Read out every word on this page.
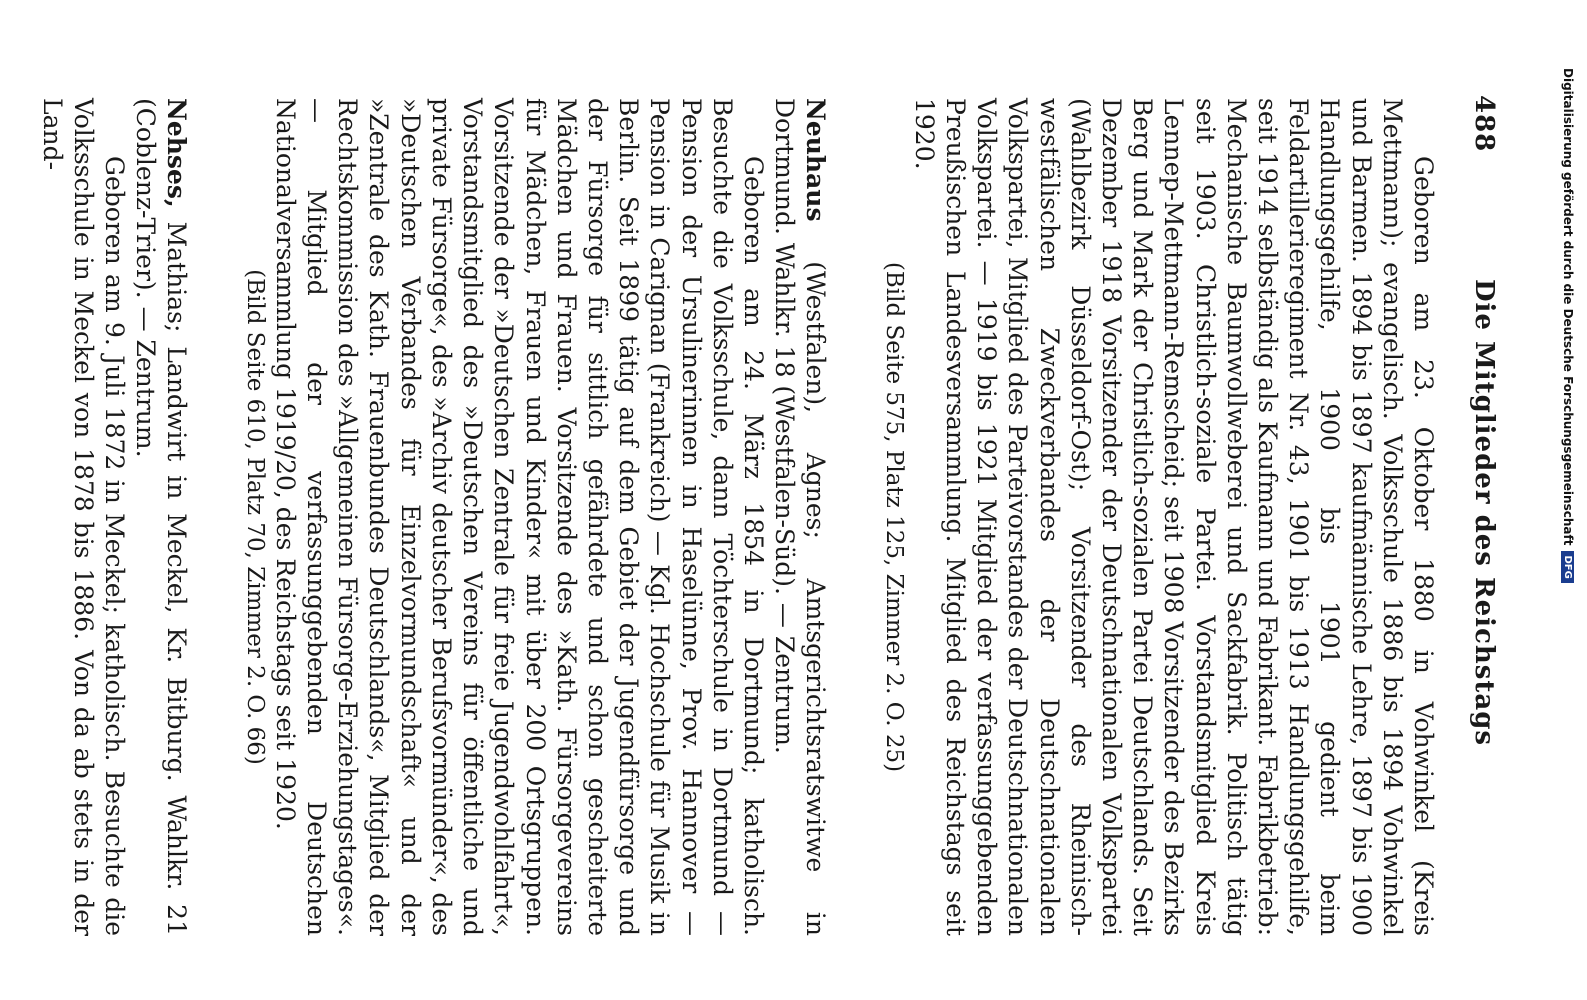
Digitalisierung gefördert durch die Deutsche ForschungsgemeinschaftDFG
488
Die Mitglieder des Reichstags

Geboren am 23. Oktober 1880 in Vohwinkel (Kreis Mettmann); evangelisch. Volksschule 1886 bis 1894 Vohwinkel und Barmen. 1894 bis 1897 kaufmännische Lehre, 1897 bis 1900 Handlungsgehilfe, 1900 bis 1901 gedient beim Feldartillerieregiment Nr. 43, 1901 bis 1913 Handlungsgehilfe, seit 1914 selbständig als Kaufmann und Fabrikant. Fabrikbetrieb: Mechanische Baumwollweberei und Sackfabrik. Politisch tätig seit 1903. Christlich-soziale Partei. Vorstandsmitglied Kreis Lennep-Mettmann-Remscheid; seit 1908 Vorsitzender des Bezirks Berg und Mark der Christlich-sozialen Partei Deutschlands. Seit Dezember 1918 Vorsitzender der Deutschnationalen Volkspartei (Wahlbezirk Düsseldorf-Ost); Vorsitzender des Rheinisch-westfälischen Zweckverbandes der Deutschnationalen Volkspartei, Mitglied des Parteivorstandes der Deutschnationalen Volkspartei. — 1919 bis 1921 Mitglied der verfassunggebenden Preußischen Landesversammlung. Mitglied des Reichstags seit 1920.

(Bild Seite 575, Platz 125, Zimmer 2. O. 25)

Neuhaus (Westfalen), Agnes; Amtsgerichtsratswitwe in Dortmund. Wahlkr. 18 (Westfalen-Süd). — Zentrum.

Geboren am 24. März 1854 in Dortmund; katholisch. Besuchte die Volksschule, dann Töchterschule in Dortmund — Pension der Ursulinerinnen in Haselünne, Prov. Hannover — Pension in Carignan (Frankreich) — Kgl. Hochschule für Musik in Berlin. Seit 1899 tätig auf dem Gebiet der Jugendfürsorge und der Fürsorge für sittlich gefährdete und schon gescheiterte Mädchen und Frauen. Vorsitzende des »Kath. Fürsorgevereins für Mädchen, Frauen und Kinder« mit über 200 Ortsgruppen. Vorsitzende der »Deutschen Zentrale für freie Jugendwohlfahrt«, Vorstandsmitglied des »Deutschen Vereins für öffentliche und private Fürsorge«, des »Archiv deutscher Berufsvormünder«, des »Deutschen Verbandes für Einzelvormundschaft« und der »Zentrale des Kath. Frauenbundes Deutschlands«, Mitglied der Rechtskommission des »Allgemeinen Fürsorge-Erziehungstages«. — Mitglied der verfassunggebenden Deutschen Nationalversammlung 1919/20, des Reichstags seit 1920.

(Bild Seite 610, Platz 70, Zimmer 2. O. 66)

Nehses, Mathias; Landwirt in Meckel, Kr. Bitburg. Wahlkr. 21 (Coblenz-Trier). — Zentrum.

Geboren am 9. Juli 1872 in Meckel; katholisch. Besuchte die Volksschule in Meckel von 1878 bis 1886. Von da ab stets in der Land-
